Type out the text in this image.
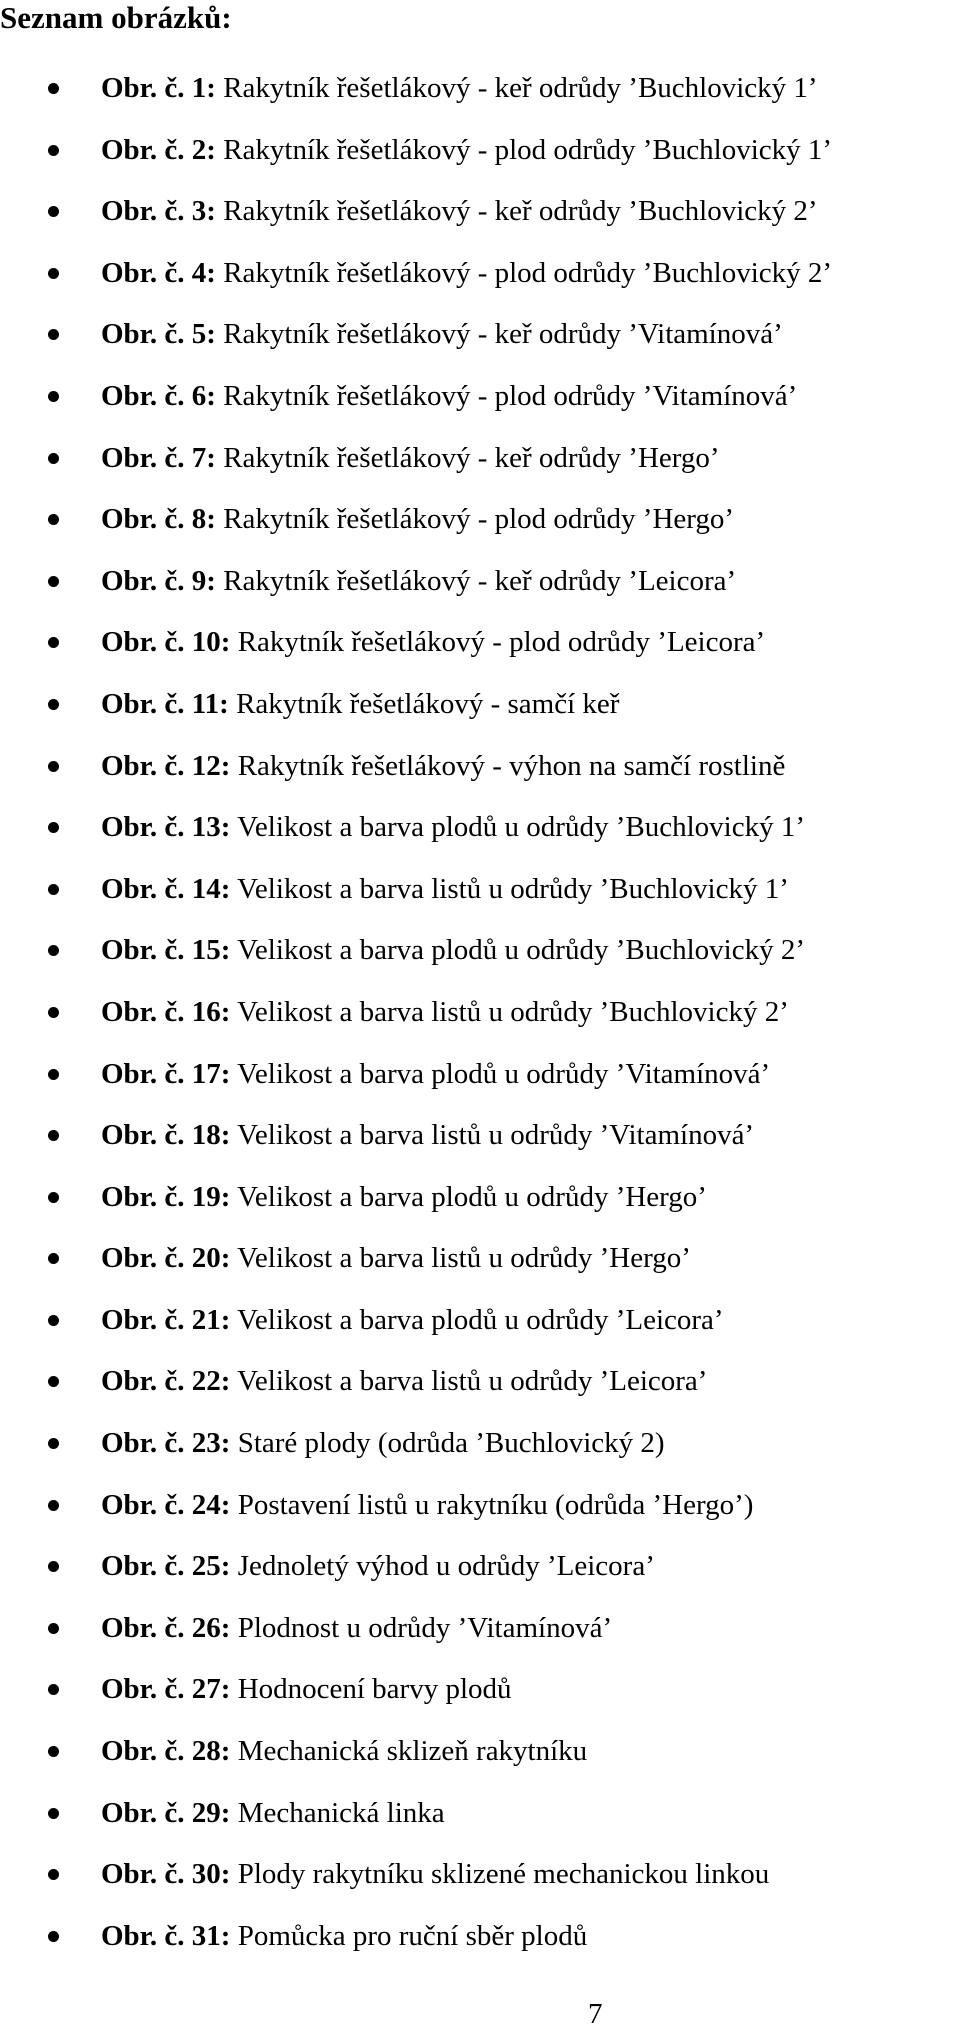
Seznam obrázků:
Obr. č. 1: Rakytník řešetlákový - keř odrůdy ’Buchlovický 1’
Obr. č. 2: Rakytník řešetlákový - plod odrůdy ’Buchlovický 1’
Obr. č. 3: Rakytník řešetlákový - keř odrůdy ’Buchlovický 2’
Obr. č. 4: Rakytník řešetlákový - plod odrůdy ’Buchlovický 2’
Obr. č. 5: Rakytník řešetlákový - keř odrůdy ’Vitamínová’
Obr. č. 6: Rakytník řešetlákový - plod odrůdy ’Vitamínová’
Obr. č. 7: Rakytník řešetlákový - keř odrůdy ’Hergo’
Obr. č. 8: Rakytník řešetlákový - plod odrůdy ’Hergo’
Obr. č. 9: Rakytník řešetlákový - keř odrůdy ’Leicora’
Obr. č. 10: Rakytník řešetlákový - plod odrůdy ’Leicora’
Obr. č. 11: Rakytník řešetlákový - samčí keř
Obr. č. 12: Rakytník řešetlákový - výhon na samčí rostlině
Obr. č. 13: Velikost a barva plodů u odrůdy ’Buchlovický 1’
Obr. č. 14: Velikost a barva listů u odrůdy ’Buchlovický 1’
Obr. č. 15: Velikost a barva plodů u odrůdy ’Buchlovický 2’
Obr. č. 16: Velikost a barva listů u odrůdy ’Buchlovický 2’
Obr. č. 17: Velikost a barva plodů u odrůdy ’Vitamínová’
Obr. č. 18: Velikost a barva listů u odrůdy ’Vitamínová’
Obr. č. 19: Velikost a barva plodů u odrůdy ’Hergo’
Obr. č. 20: Velikost a barva listů u odrůdy ’Hergo’
Obr. č. 21: Velikost a barva plodů u odrůdy ’Leicora’
Obr. č. 22: Velikost a barva listů u odrůdy ’Leicora’
Obr. č. 23: Staré plody (odrůda ’Buchlovický 2)
Obr. č. 24: Postavení listů u rakytníku (odrůda ’Hergo’)
Obr. č. 25: Jednoletý výhod u odrůdy ’Leicora’
Obr. č. 26: Plodnost u odrůdy ’Vitamínová’
Obr. č. 27: Hodnocení barvy plodů
Obr. č. 28: Mechanická sklizeň rakytníku
Obr. č. 29: Mechanická linka
Obr. č. 30: Plody rakytníku sklizené mechanickou linkou
Obr. č. 31: Pomůcka pro ruční sběr plodů
7
